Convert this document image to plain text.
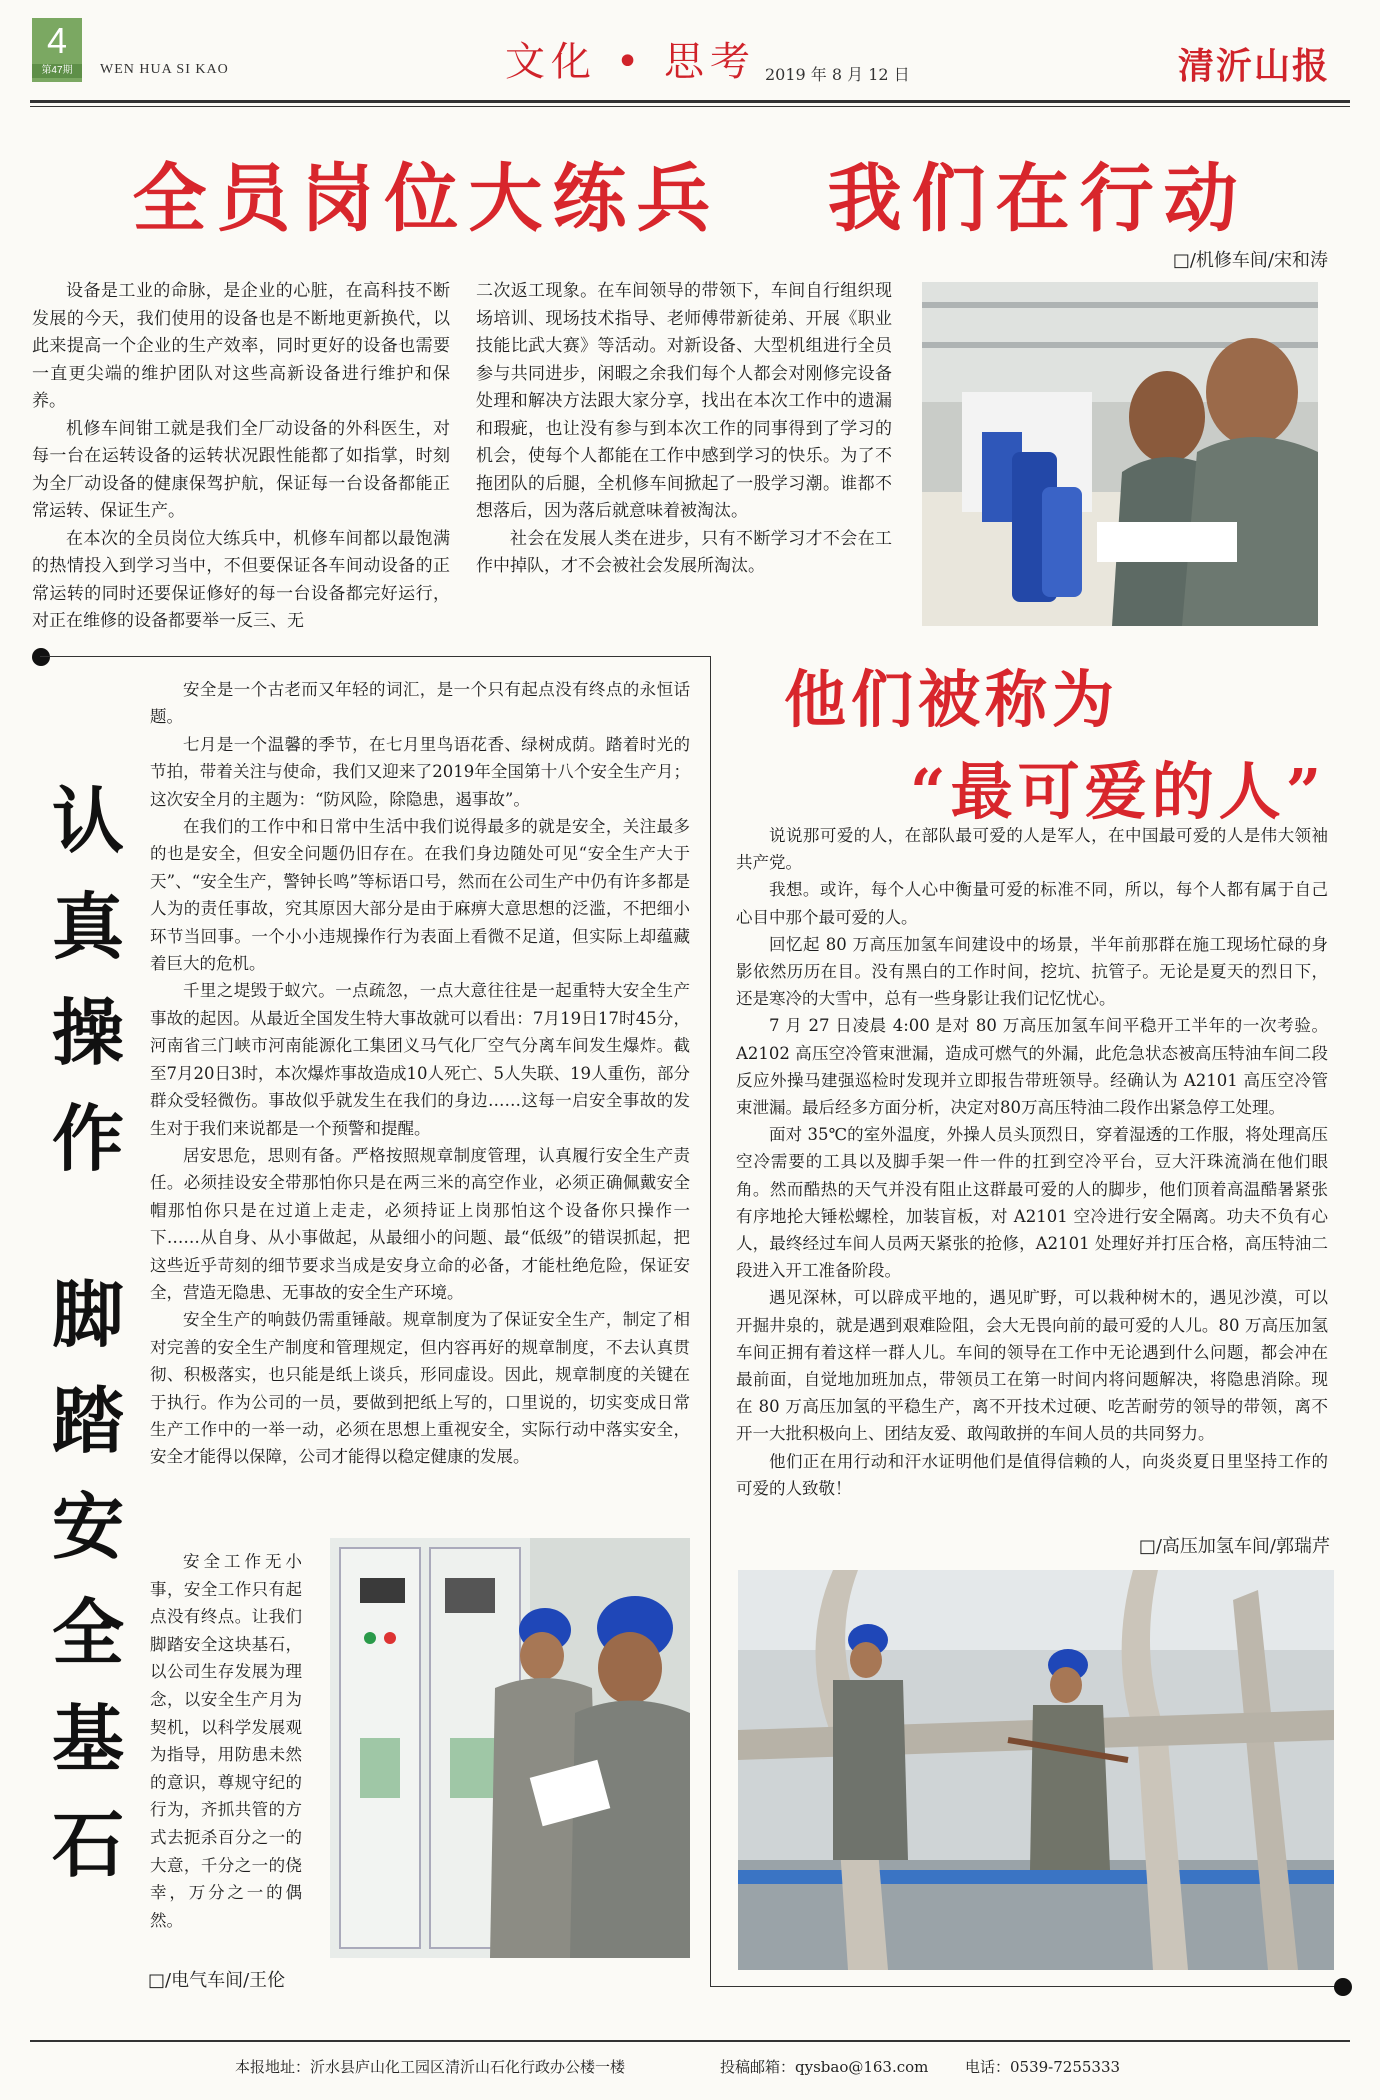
4
第47期	WEN HUA SI KAO	文化 • 思考 2019 年 8 月 12 日	清沂山报
全员岗位大练兵   我们在行动
□/机修车间/宋和涛

设备是工业的命脉，是企业的心脏，在高科技不断发展的今天，我们使用的设备也是不断地更新换代，以此来提高一个企业的生产效率，同时更好的设备也需要一直更尖端的维护团队对这些高新设备进行维护和保养。

机修车间钳工就是我们全厂动设备的外科医生，对每一台在运转设备的运转状况跟性能都了如指掌，时刻为全厂动设备的健康保驾护航，保证每一台设备都能正常运转、保证生产。

在本次的全员岗位大练兵中，机修车间都以最饱满的热情投入到学习当中，不但要保证各车间动设备的正常运转的同时还要保证修好的每一台设备都完好运行，对正在维修的设备都要举一反三、无

二次返工现象。在车间领导的带领下，车间自行组织现场培训、现场技术指导、老师傅带新徒弟、开展《职业技能比武大赛》等活动。对新设备、大型机组进行全员参与共同进步，闲暇之余我们每个人都会对刚修完设备处理和解决方法跟大家分享，找出在本次工作中的遗漏和瑕疵，也让没有参与到本次工作的同事得到了学习的机会，使每个人都能在工作中感到学习的快乐。为了不拖团队的后腿，全机修车间掀起了一股学习潮。谁都不想落后，因为落后就意味着被淘汰。

社会在发展人类在进步，只有不断学习才不会在工作中掉队，才不会被社会发展所淘汰。

认
真
操
作
脚
踏
安
全
基
石

安全是一个古老而又年轻的词汇，是一个只有起点没有终点的永恒话题。

七月是一个温馨的季节，在七月里鸟语花香、绿树成荫。踏着时光的节拍，带着关注与使命，我们又迎来了2019年全国第十八个安全生产月；这次安全月的主题为：“防风险，除隐患，遏事故”。

在我们的工作中和日常中生活中我们说得最多的就是安全，关注最多的也是安全，但安全问题仍旧存在。在我们身边随处可见“安全生产大于天”、“安全生产，警钟长鸣”等标语口号，然而在公司生产中仍有许多都是人为的责任事故，究其原因大部分是由于麻痹大意思想的泛滥，不把细小环节当回事。一个小小违规操作行为表面上看微不足道，但实际上却蕴藏着巨大的危机。

千里之堤毁于蚁穴。一点疏忽，一点大意往往是一起重特大安全生产事故的起因。从最近全国发生特大事故就可以看出：7月19日17时45分，河南省三门峡市河南能源化工集团义马气化厂空气分离车间发生爆炸。截至7月20日3时，本次爆炸事故造成10人死亡、5人失联、19人重伤，部分群众受轻微伤。事故似乎就发生在我们的身边……这每一启安全事故的发生对于我们来说都是一个预警和提醒。

居安思危，思则有备。严格按照规章制度管理，认真履行安全生产责任。必须挂设安全带那怕你只是在两三米的高空作业，必须正确佩戴安全帽那怕你只是在过道上走走，必须持证上岗那怕这个设备你只操作一下……从自身、从小事做起，从最细小的问题、最“低级”的错误抓起，把这些近乎苛刻的细节要求当成是安身立命的必备，才能杜绝危险，保证安全，营造无隐患、无事故的安全生产环境。

安全生产的响鼓仍需重锤敲。规章制度为了保证安全生产，制定了相对完善的安全生产制度和管理规定，但内容再好的规章制度，不去认真贯彻、积极落实，也只能是纸上谈兵，形同虚设。因此，规章制度的关键在于执行。作为公司的一员，要做到把纸上写的，口里说的，切实变成日常生产工作中的一举一动，必须在思想上重视安全，实际行动中落实安全，安全才能得以保障，公司才能得以稳定健康的发展。

安全工作无小事，安全工作只有起点没有终点。让我们脚踏安全这块基石，以公司生存发展为理念，以安全生产月为契机，以科学发展观为指导，用防患未然的意识，尊规守纪的行为，齐抓共管的方式去扼杀百分之一的大意，千分之一的侥幸，万分之一的偶然。

□/电气车间/王伦
他们被称为
“最可爱的人”

说说那可爱的人，在部队最可爱的人是军人，在中国最可爱的人是伟大领袖共产党。

我想。或许，每个人心中衡量可爱的标准不同，所以，每个人都有属于自己心目中那个最可爱的人。

回忆起 80 万高压加氢车间建设中的场景，半年前那群在施工现场忙碌的身影依然历历在目。没有黑白的工作时间，挖坑、抗管子。无论是夏天的烈日下，还是寒冷的大雪中，总有一些身影让我们记忆忧心。

7 月 27 日凌晨 4:00 是对 80 万高压加氢车间平稳开工半年的一次考验。A2102 高压空冷管束泄漏，造成可燃气的外漏，此危急状态被高压特油车间二段反应外操马建强巡检时发现并立即报告带班领导。经确认为 A2101 高压空冷管束泄漏。最后经多方面分析，决定对80万高压特油二段作出紧急停工处理。

面对 35℃的室外温度，外操人员头顶烈日，穿着湿透的工作服，将处理高压空冷需要的工具以及脚手架一件一件的扛到空冷平台，豆大汗珠流淌在他们眼角。然而酷热的天气并没有阻止这群最可爱的人的脚步，他们顶着高温酷暑紧张有序地抡大锤松螺栓，加装盲板，对 A2101 空冷进行安全隔离。功夫不负有心人，最终经过车间人员两天紧张的抢修，A2101 处理好并打压合格，高压特油二段进入开工准备阶段。

遇见深林，可以辟成平地的，遇见旷野，可以栽种树木的，遇见沙漠，可以开掘井泉的，就是遇到艰难险阻，会大无畏向前的最可爱的人儿。80 万高压加氢车间正拥有着这样一群人儿。车间的领导在工作中无论遇到什么问题，都会冲在最前面，自觉地加班加点，带领员工在第一时间内将问题解决，将隐患消除。现在 80 万高压加氢的平稳生产，离不开技术过硬、吃苦耐劳的领导的带领，离不开一大批积极向上、团结友爱、敢闯敢拼的车间人员的共同努力。

他们正在用行动和汗水证明他们是值得信赖的人，向炎炎夏日里坚持工作的可爱的人致敬！

□/高压加氢车间/郭瑞芹
本报地址：沂水县庐山化工园区清沂山石化行政办公楼一楼	投稿邮箱：qysbao@163.com 电话：0539-7255333
